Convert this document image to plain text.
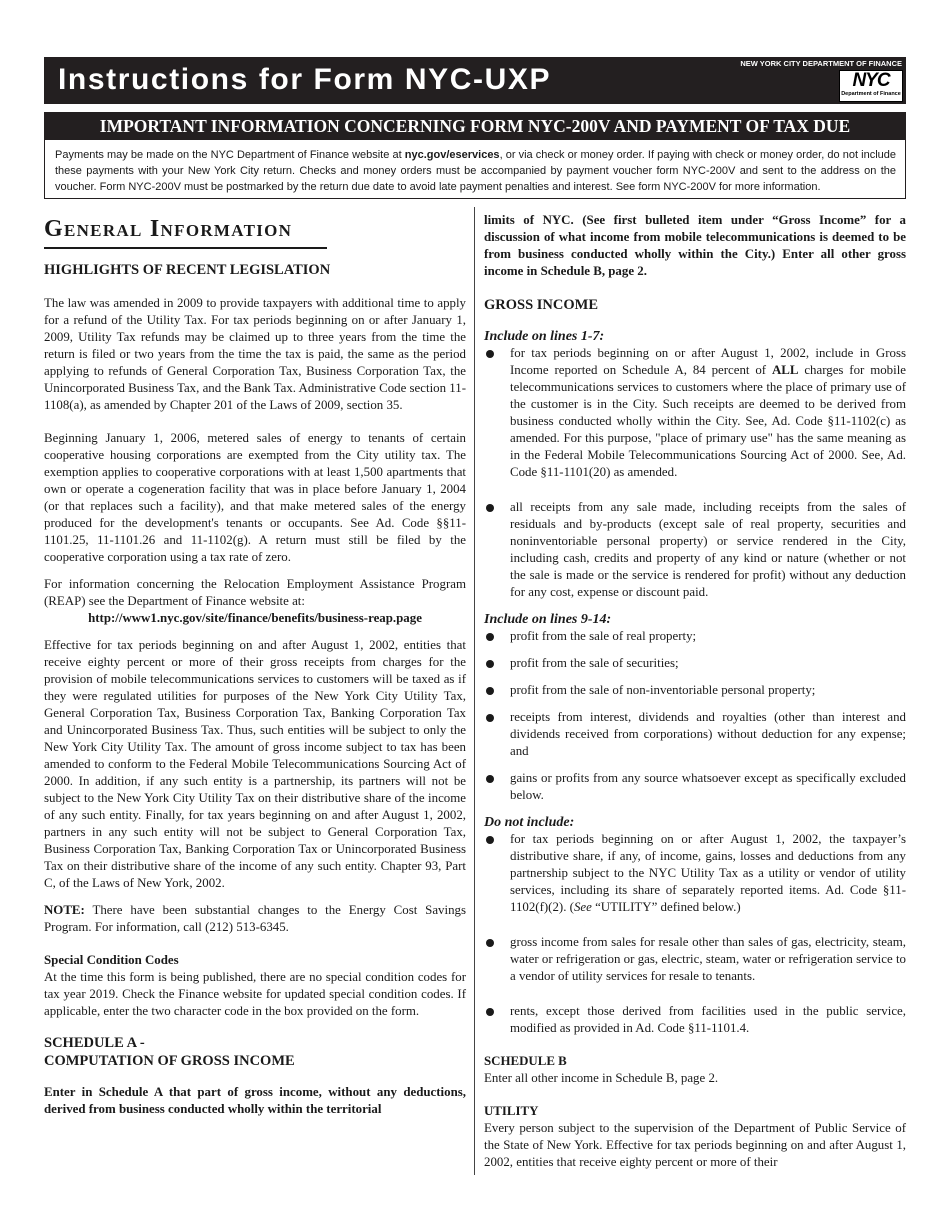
Instructions for Form NYC-UXP	NEW YORK CITY DEPARTMENT OF FINANCE
NYC
Department of Finance
IMPORTANT INFORMATION CONCERNING FORM NYC-200V AND PAYMENT OF TAX DUE
Payments may be made on the NYC Department of Finance website at nyc.gov/eservices, or via check or money order. If paying with check or money order, do not include these payments with your New York City return. Checks and money orders must be accompanied by payment voucher form NYC-200V and sent to the address on the voucher. Form NYC-200V must be postmarked by the return due date to avoid late payment penalties and interest. See form NYC-200V for more information.
General Information

HIGHLIGHTS OF RECENT LEGISLATION

The law was amended in 2009 to provide taxpayers with additional time to apply for a refund of the Utility Tax. For tax periods beginning on or after January 1, 2009, Utility Tax refunds may be claimed up to three years from the time the return is filed or two years from the time the tax is paid, the same as the period applying to refunds of General Corporation Tax, Business Corporation Tax, the Unincorporated Business Tax, and the Bank Tax. Administrative Code section 11-1108(a), as amended by Chapter 201 of the Laws of 2009, section 35.

Beginning January 1, 2006, metered sales of energy to tenants of certain cooperative housing corporations are exempted from the City utility tax. The exemption applies to cooperative corporations with at least 1,500 apartments that own or operate a cogeneration facility that was in place before January 1, 2004 (or that replaces such a facility), and that make metered sales of the energy produced for the development's tenants or occupants. See Ad. Code §§11-1101.25, 11-1101.26 and 11-1102(g). A return must still be filed by the cooperative corporation using a tax rate of zero.

For information concerning the Relocation Employment Assistance Program (REAP) see the Department of Finance website at:

http://www1.nyc.gov/site/finance/benefits/business-reap.page

Effective for tax periods beginning on and after August 1, 2002, entities that receive eighty percent or more of their gross receipts from charges for the provision of mobile telecommunications services to customers will be taxed as if they were regulated utilities for purposes of the New York City Utility Tax, General Corporation Tax, Business Corporation Tax, Banking Corporation Tax and Unincorporated Business Tax. Thus, such entities will be subject to only the New York City Utility Tax. The amount of gross income subject to tax has been amended to conform to the Federal Mobile Telecommunications Sourcing Act of 2000. In addition, if any such entity is a partnership, its partners will not be subject to the New York City Utility Tax on their distributive share of the income of any such entity. Finally, for tax years beginning on and after August 1, 2002, partners in any such entity will not be subject to General Corporation Tax, Business Corporation Tax, Banking Corporation Tax or Unincorporated Business Tax on their distributive share of the income of any such entity. Chapter 93, Part C, of the Laws of New York, 2002.

NOTE: There have been substantial changes to the Energy Cost Savings Program. For information, call (212) 513-6345.

Special Condition Codes

At the time this form is being published, there are no special condition codes for tax year 2019. Check the Finance website for updated special condition codes. If applicable, enter the two character code in the box provided on the form.

SCHEDULE A -

COMPUTATION OF GROSS INCOME

Enter in Schedule A that part of gross income, without any deductions, derived from business conducted wholly within the territorial

limits of NYC. (See first bulleted item under “Gross Income” for a discussion of what income from mobile telecommunications is deemed to be from business conducted wholly within the City.) Enter all other gross income in Schedule B, page 2.

GROSS INCOME

Include on lines 1-7:

for tax periods beginning on or after August 1, 2002, include in Gross Income reported on Schedule A, 84 percent of ALL charges for mobile telecommunications services to customers where the place of primary use of the customer is in the City. Such receipts are deemed to be derived from business conducted wholly within the City. See, Ad. Code §11-1102(c) as amended. For this purpose, "place of primary use" has the same meaning as in the Federal Mobile Telecommunications Sourcing Act of 2000. See, Ad. Code §11-1101(20) as amended.

all receipts from any sale made, including receipts from the sales of residuals and by-products (except sale of real property, securities and noninventoriable personal property) or service rendered in the City, including cash, credits and property of any kind or nature (whether or not the sale is made or the service is rendered for profit) without any deduction for any cost, expense or discount paid.

Include on lines 9-14:

profit from the sale of real property;

profit from the sale of securities;

profit from the sale of non-inventoriable personal property;

receipts from interest, dividends and royalties (other than interest and dividends received from corporations) without deduction for any expense; and

gains or profits from any source whatsoever except as specifically excluded below.

Do not include:

for tax periods beginning on or after August 1, 2002, the taxpayer’s distributive share, if any, of income, gains, losses and deductions from any partnership subject to the NYC Utility Tax as a utility or vendor of utility services, including its share of separately reported items. Ad. Code §11-1102(f)(2). (See “UTILITY” defined below.)

gross income from sales for resale other than sales of gas, electricity, steam, water or refrigeration or gas, electric, steam, water or refrigeration service to a vendor of utility services for resale to tenants.

rents, except those derived from facilities used in the public service, modified as provided in Ad. Code §11-1101.4.

SCHEDULE B

Enter all other income in Schedule B, page 2.

UTILITY

Every person subject to the supervision of the Department of Public Service of the State of New York. Effective for tax periods beginning on and after August 1, 2002, entities that receive eighty percent or more of their
